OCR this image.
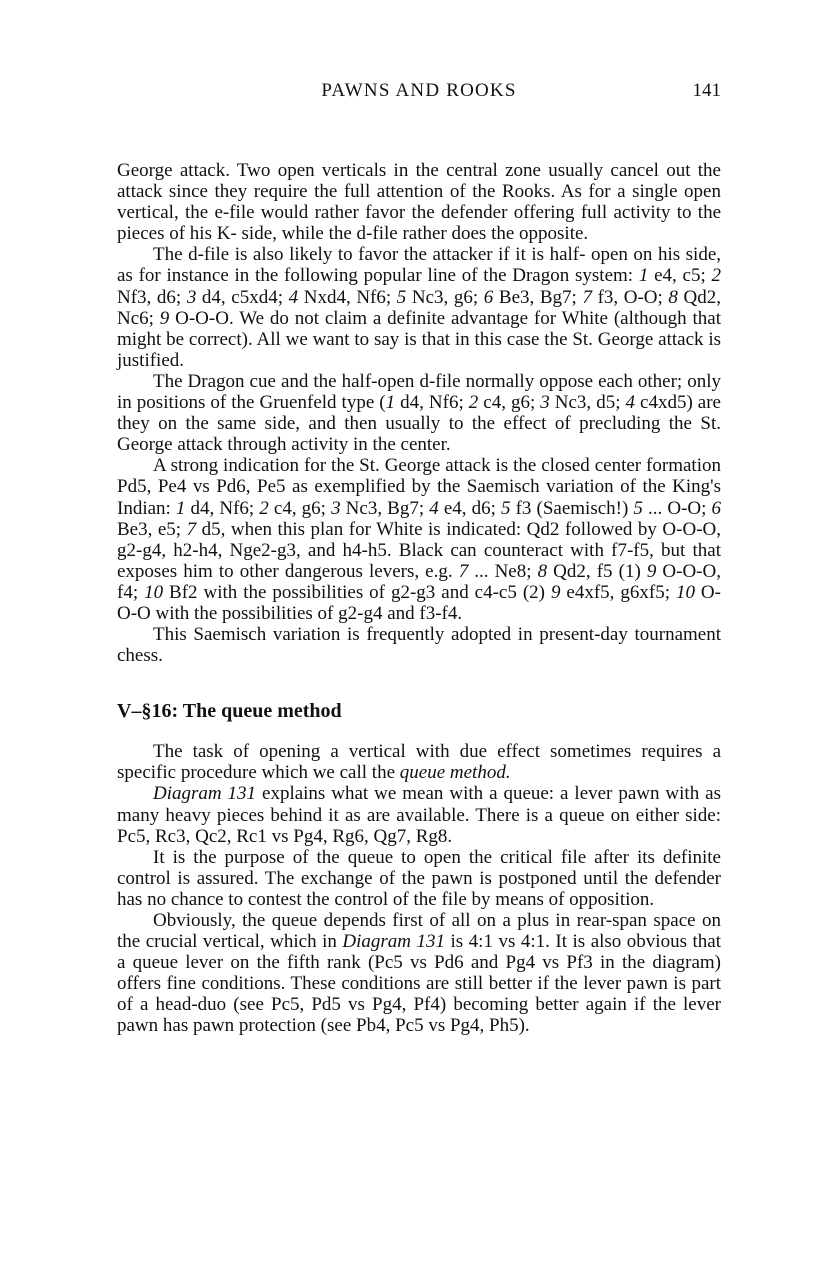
PAWNS AND ROOKS	141

George attack. Two open verticals in the central zone usually cancel out the attack since they require the full attention of the Rooks. As for a single open vertical, the e-file would rather favor the defender offering full activity to the pieces of his K- side, while the d-file rather does the opposite.

The d-file is also likely to favor the attacker if it is half- open on his side, as for instance in the following popular line of the Dragon system: 1 e4, c5; 2 Nf3, d6; 3 d4, c5xd4; 4 Nxd4, Nf6; 5 Nc3, g6; 6 Be3, Bg7; 7 f3, O-O; 8 Qd2, Nc6; 9 O-O-O. We do not claim a definite advantage for White (although that might be correct). All we want to say is that in this case the St. George attack is justified.

The Dragon cue and the half-open d-file normally oppose each other; only in positions of the Gruenfeld type (1 d4, Nf6; 2 c4, g6; 3 Nc3, d5; 4 c4xd5) are they on the same side, and then usually to the effect of precluding the St. George attack through activity in the center.

A strong indication for the St. George attack is the closed center formation Pd5, Pe4 vs Pd6, Pe5 as exemplified by the Saemisch variation of the King's Indian: 1 d4, Nf6; 2 c4, g6; 3 Nc3, Bg7; 4 e4, d6; 5 f3 (Saemisch!) 5 ... O-O; 6 Be3, e5; 7 d5, when this plan for White is indicated: Qd2 followed by O-O-O, g2-g4, h2-h4, Nge2-g3, and h4-h5. Black can counteract with f7-f5, but that exposes him to other dangerous levers, e.g. 7 ... Ne8; 8 Qd2, f5 (1) 9 O-O-O, f4; 10 Bf2 with the possibilities of g2-g3 and c4-c5 (2) 9 e4xf5, g6xf5; 10 O-O-O with the possibilities of g2-g4 and f3-f4.

This Saemisch variation is frequently adopted in present-day tournament chess.

V–§16: The queue method

The task of opening a vertical with due effect sometimes requires a specific procedure which we call the queue method.

Diagram 131 explains what we mean with a queue: a lever pawn with as many heavy pieces behind it as are available. There is a queue on either side: Pc5, Rc3, Qc2, Rc1 vs Pg4, Rg6, Qg7, Rg8.

It is the purpose of the queue to open the critical file after its definite control is assured. The exchange of the pawn is postponed until the defender has no chance to contest the control of the file by means of opposition.

Obviously, the queue depends first of all on a plus in rear-span space on the crucial vertical, which in Diagram 131 is 4:1 vs 4:1. It is also obvious that a queue lever on the fifth rank (Pc5 vs Pd6 and Pg4 vs Pf3 in the diagram) offers fine conditions. These conditions are still better if the lever pawn is part of a head-duo (see Pc5, Pd5 vs Pg4, Pf4) becoming better again if the lever pawn has pawn protection (see Pb4, Pc5 vs Pg4, Ph5).
